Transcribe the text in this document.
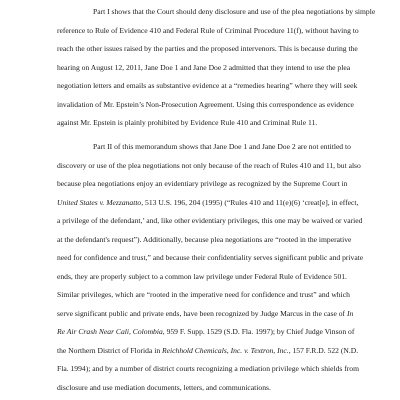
Part I shows that the Court should deny disclosure and use of the plea negotiations by simple
reference to Rule of Evidence 410 and Federal Rule of Criminal Procedure 11(f), without having to
reach the other issues raised by the parties and the proposed intervenors. This is because during the
hearing on August 12, 2011, Jane Doe 1 and Jane Doe 2 admitted that they intend to use the plea
negotiation letters and emails as substantive evidence at a “remedies hearing” where they will seek
invalidation of Mr. Epstein’s Non-Prosecution Agreement. Using this correspondence as evidence
against Mr. Epstein is plainly prohibited by Evidence Rule 410 and Criminal Rule 11.
Part II of this memorandum shows that Jane Doe 1 and Jane Doe 2 are not entitled to
discovery or use of the plea negotiations not only because of the reach of Rules 410 and 11, but also
because plea negotiations enjoy an evidentiary privilege as recognized by the Supreme Court in
United States v. Mezzanatto, 513 U.S. 196, 204 (1995) (“Rules 410 and 11(e)(6) ‘creat[e], in effect,
a privilege of the defendant,’ and, like other evidentiary privileges, this one may be waived or varied
at the defendant's request”). Additionally, because plea negotiations are “rooted in the imperative
need for confidence and trust,” and because their confidentiality serves significant public and private
ends, they are properly subject to a common law privilege under Federal Rule of Evidence 501.
Similar privileges, which are “rooted in the imperative need for confidence and trust” and which
serve significant public and private ends, have been recognized by Judge Marcus in the case of In
Re Air Crash Near Cali, Colombia, 959 F. Supp. 1529 (S.D. Fla. 1997); by Chief Judge Vinson of
the Northern District of Florida in Reichhold Chemicals, Inc. v. Textron, Inc., 157 F.R.D. 522 (N.D.
Fla. 1994); and by a number of district courts recognizing a mediation privilege which shields from
disclosure and use mediation documents, letters, and communications.
